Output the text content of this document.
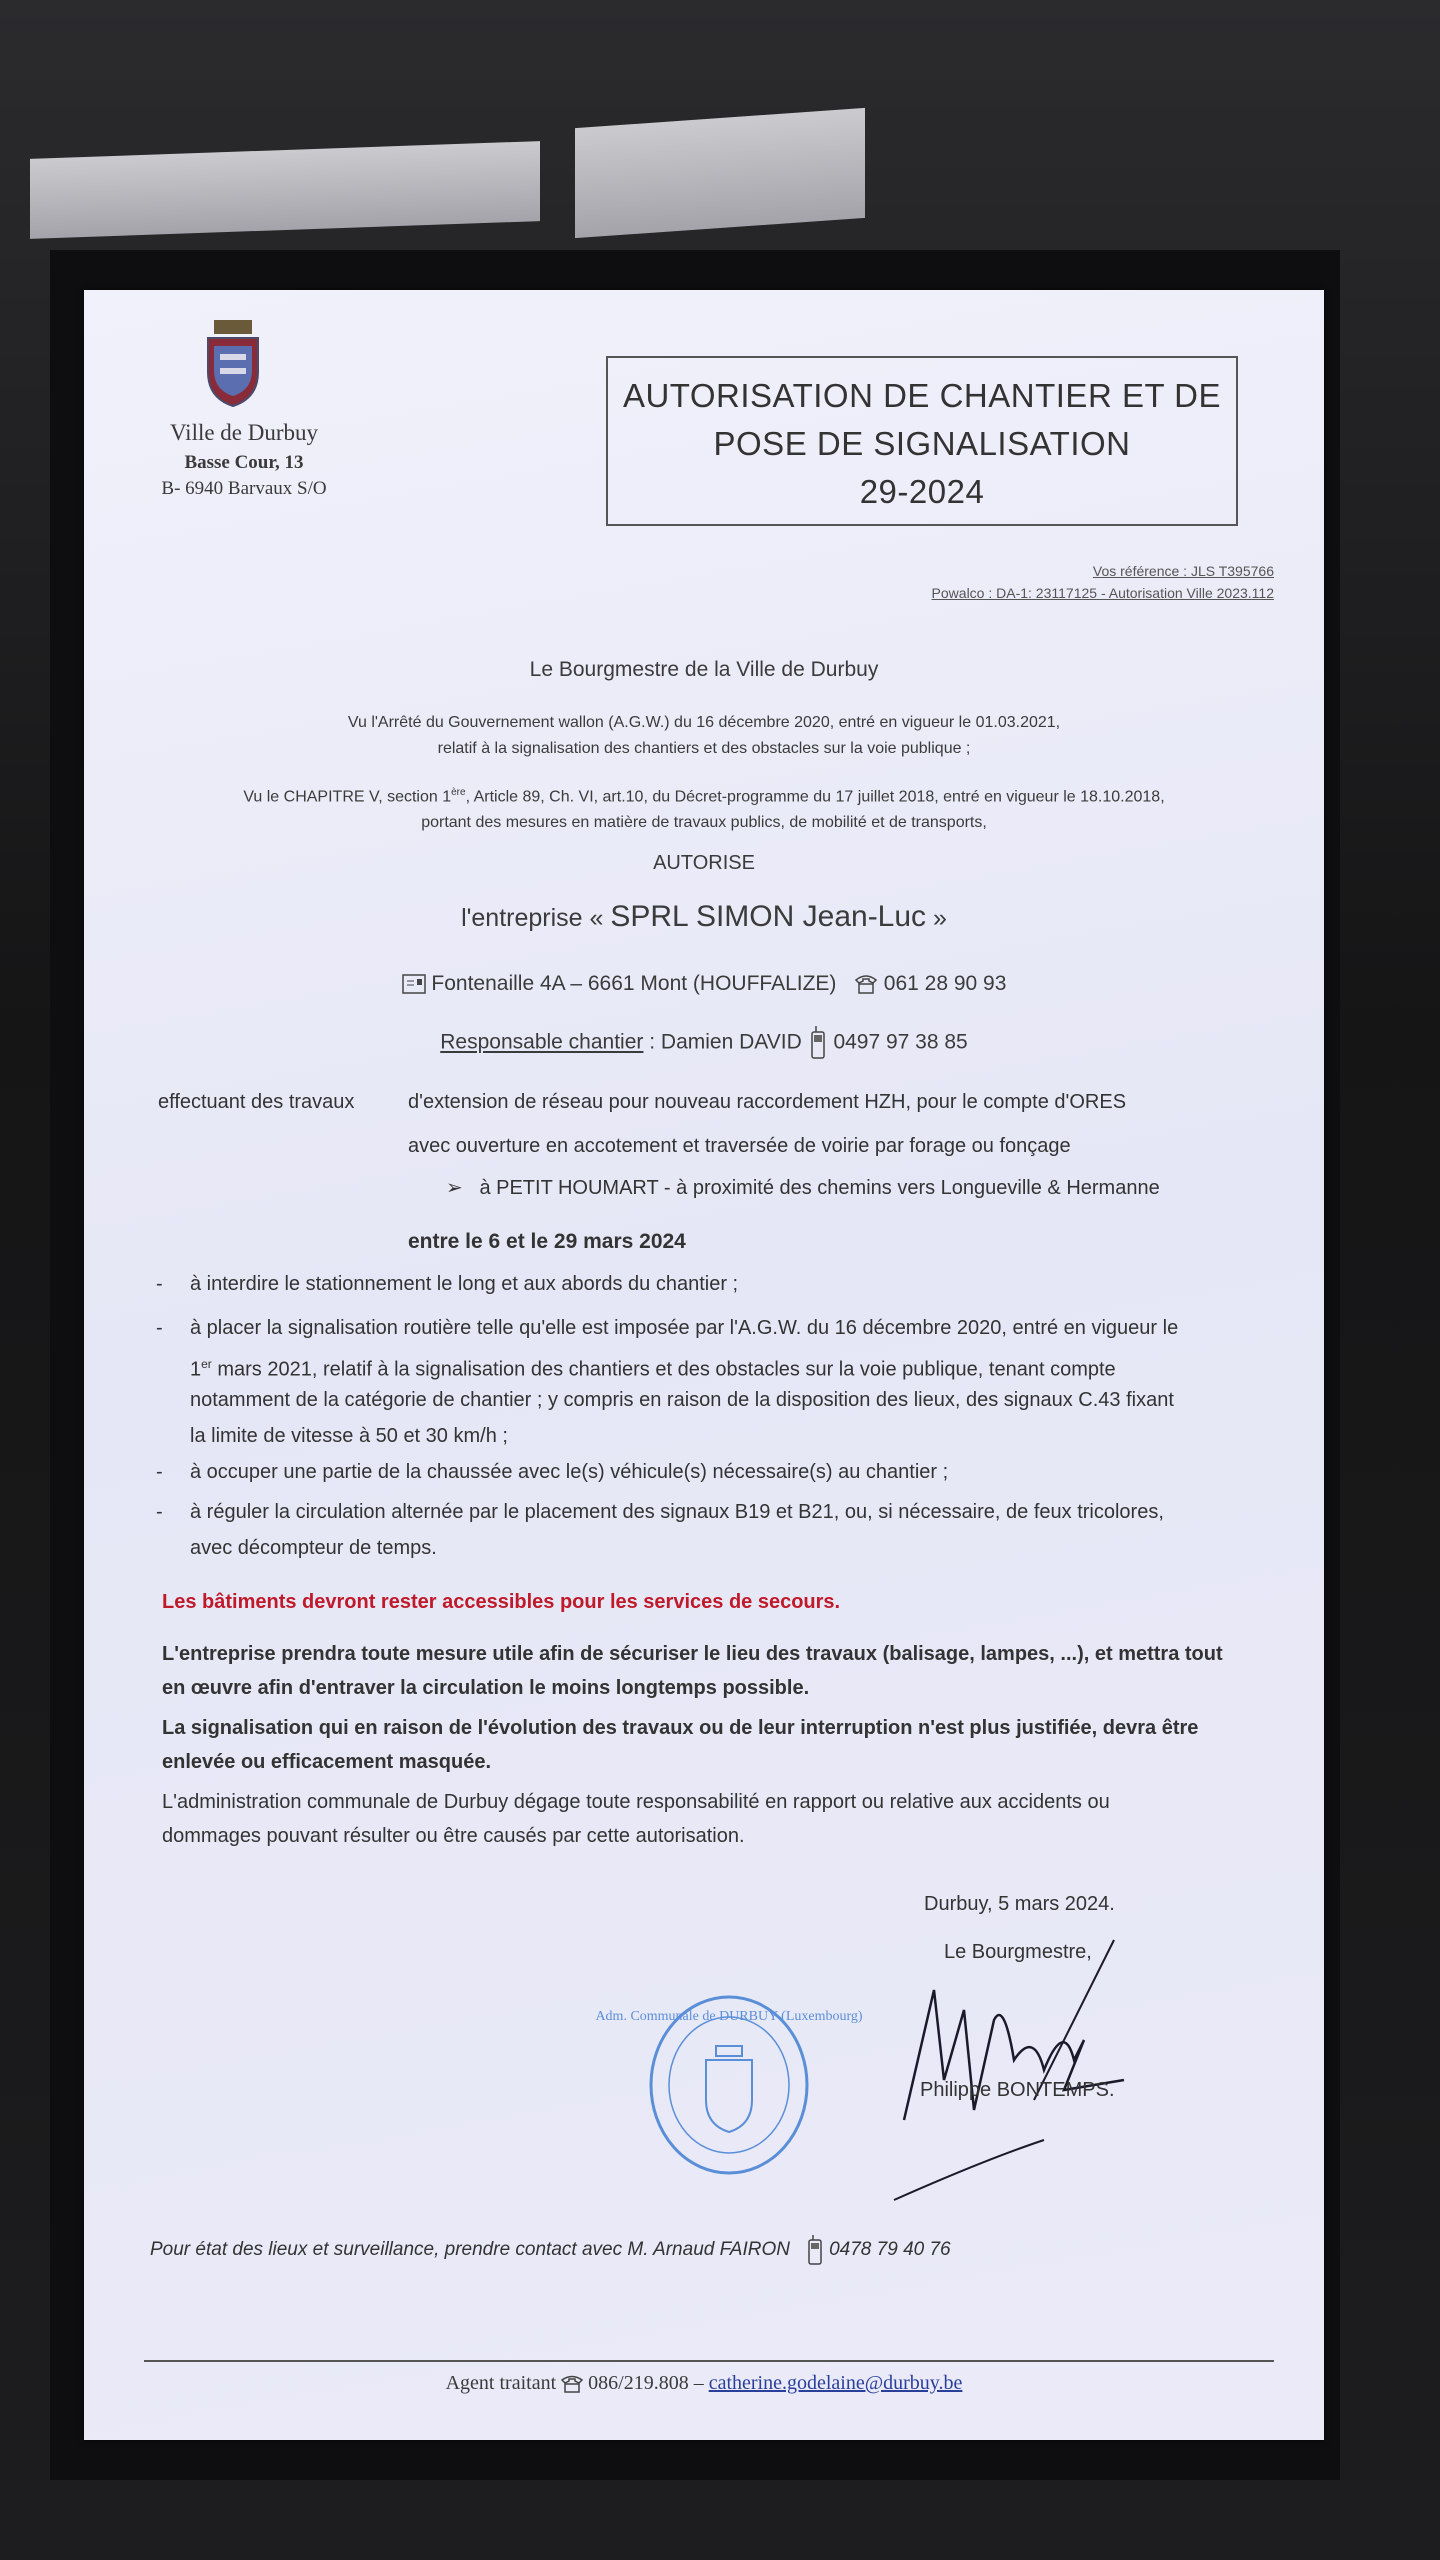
Ville de Durbuy
Basse Cour, 13
B- 6940 Barvaux S/O
AUTORISATION DE CHANTIER ET DE
POSE DE SIGNALISATION
29-2024
Vos référence : JLS T395766
Powalco : DA-1: 23117125 - Autorisation Ville 2023.112
Le Bourgmestre de la Ville de Durbuy
Vu l'Arrêté du Gouvernement wallon (A.G.W.) du 16 décembre 2020, entré en vigueur le 01.03.2021,
relatif à la signalisation des chantiers et des obstacles sur la voie publique ;
Vu le CHAPITRE V, section 1ère, Article 89, Ch. VI, art.10, du Décret-programme du 17 juillet 2018, entré en vigueur le 18.10.2018,
portant des mesures en matière de travaux publics, de mobilité et de transports,
AUTORISE
l'entreprise « SPRL SIMON Jean-Luc »
Fontenaille 4A – 6661 Mont (HOUFFALIZE) 061 28 90 93
Responsable chantier : Damien DAVID 0497 97 38 85
effectuant des travaux	d'extension de réseau pour nouveau raccordement HZH, pour le compte d'ORES
avec ouverture en accotement et traversée de voirie par forage ou fonçage
➢ à PETIT HOUMART - à proximité des chemins vers Longueville & Hermanne
entre le 6 et le 29 mars 2024
- à interdire le stationnement le long et aux abords du chantier ;
- à placer la signalisation routière telle qu'elle est imposée par l'A.G.W. du 16 décembre 2020, entré en vigueur le
1er mars 2021, relatif à la signalisation des chantiers et des obstacles sur la voie publique, tenant compte
notamment de la catégorie de chantier ; y compris en raison de la disposition des lieux, des signaux C.43 fixant
la limite de vitesse à 50 et 30 km/h ;
- à occuper une partie de la chaussée avec le(s) véhicule(s) nécessaire(s) au chantier ;
- à réguler la circulation alternée par le placement des signaux B19 et B21, ou, si nécessaire, de feux tricolores,
avec décompteur de temps.
Les bâtiments devront rester accessibles pour les services de secours.
L'entreprise prendra toute mesure utile afin de sécuriser le lieu des travaux (balisage, lampes, ...), et mettra tout
en œuvre afin d'entraver la circulation le moins longtemps possible.
La signalisation qui en raison de l'évolution des travaux ou de leur interruption n'est plus justifiée, devra être
enlevée ou efficacement masquée.
L'administration communale de Durbuy dégage toute responsabilité en rapport ou relative aux accidents ou
dommages pouvant résulter ou être causés par cette autorisation.
Durbuy, 5 mars 2024.
Le Bourgmestre,
Philippe BONTEMPS.
Adm. Communale de DURBUY (Luxembourg)
Pour état des lieux et surveillance, prendre contact avec M. Arnaud FAIRON 0478 79 40 76
Agent traitant 086/219.808 – catherine.godelaine@durbuy.be
